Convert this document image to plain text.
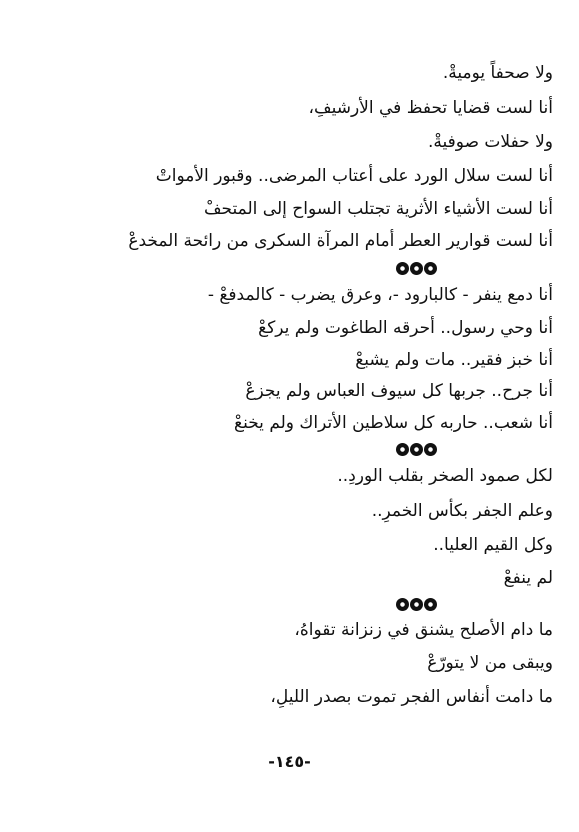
ولا صحفاً يوميةْ.
أنا لست قضايا تحفظ في الأرشيفِ،
ولا حفلات صوفيةْ.
أنا لست سلال الورد على أعتاب المرضى.. وقبور الأمواتْ
أنا لست الأشياء الأثرية تجتلب السواح إلى المتحفْ
أنا لست قوارير العطر أمام المرآة السكرى من رائحة المخدعْ
أنا دمع ينفر - كالبارود -، وعرق يضرب - كالمدفعْ -
أنا وحي رسول.. أحرقه الطاغوت ولم يركعْ
أنا خبز فقير.. مات ولم يشبعْ
أنا جرح.. جربها كل سيوف العباس ولم يجزعْ
أنا شعب.. حاربه كل سلاطين الأتراك ولم يخنعْ
لكل صمود الصخر بقلب الوردِ..
وعلم الجفر بكأس الخمرِ..
وكل القيم العليا..
لم ينفعْ
ما دام الأصلح يشنق في زنزانة تقواهُ،
ويبقى من لا يتورّعْ
ما دامت أنفاس الفجر تموت بصدر الليلِ،
-١٤٥-
